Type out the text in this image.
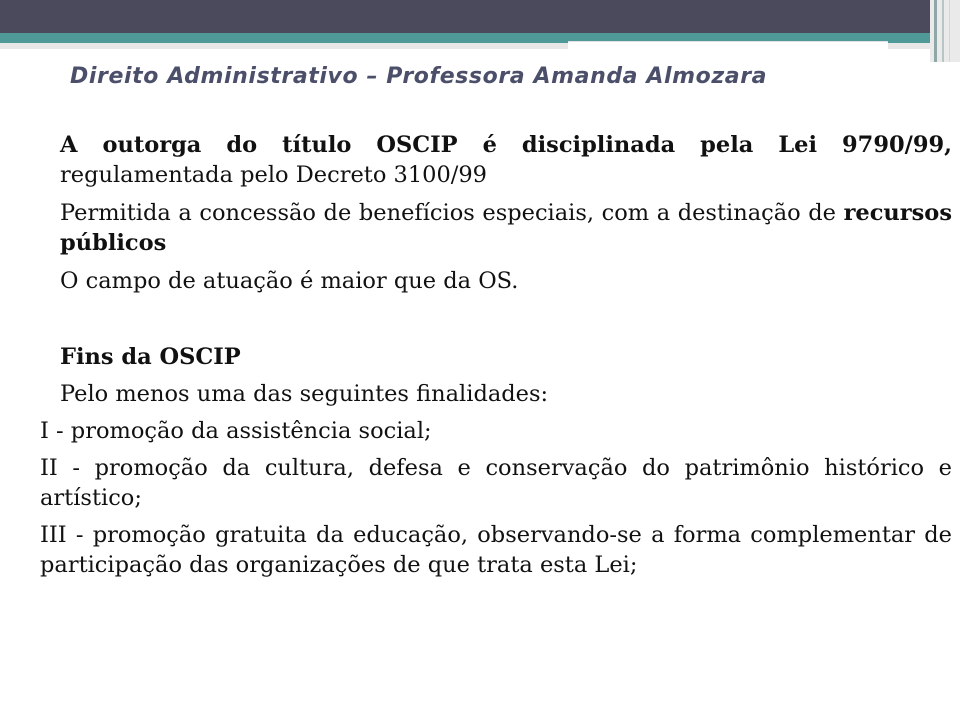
Direito Administrativo – Professora Amanda Almozara

A outorga do título OSCIP é disciplinada pela Lei 9790/99, regulamentada pelo Decreto 3100/99

Permitida a concessão de benefícios especiais, com a destinação de recursos públicos

O campo de atuação é maior que da OS.

Fins da OSCIP

Pelo menos uma das seguintes finalidades:

I - promoção da assistência social;

II - promoção da cultura, defesa e conservação do patrimônio histórico e artístico;

III - promoção gratuita da educação, observando-se a forma complementar de participação das organizações de que trata esta Lei;
